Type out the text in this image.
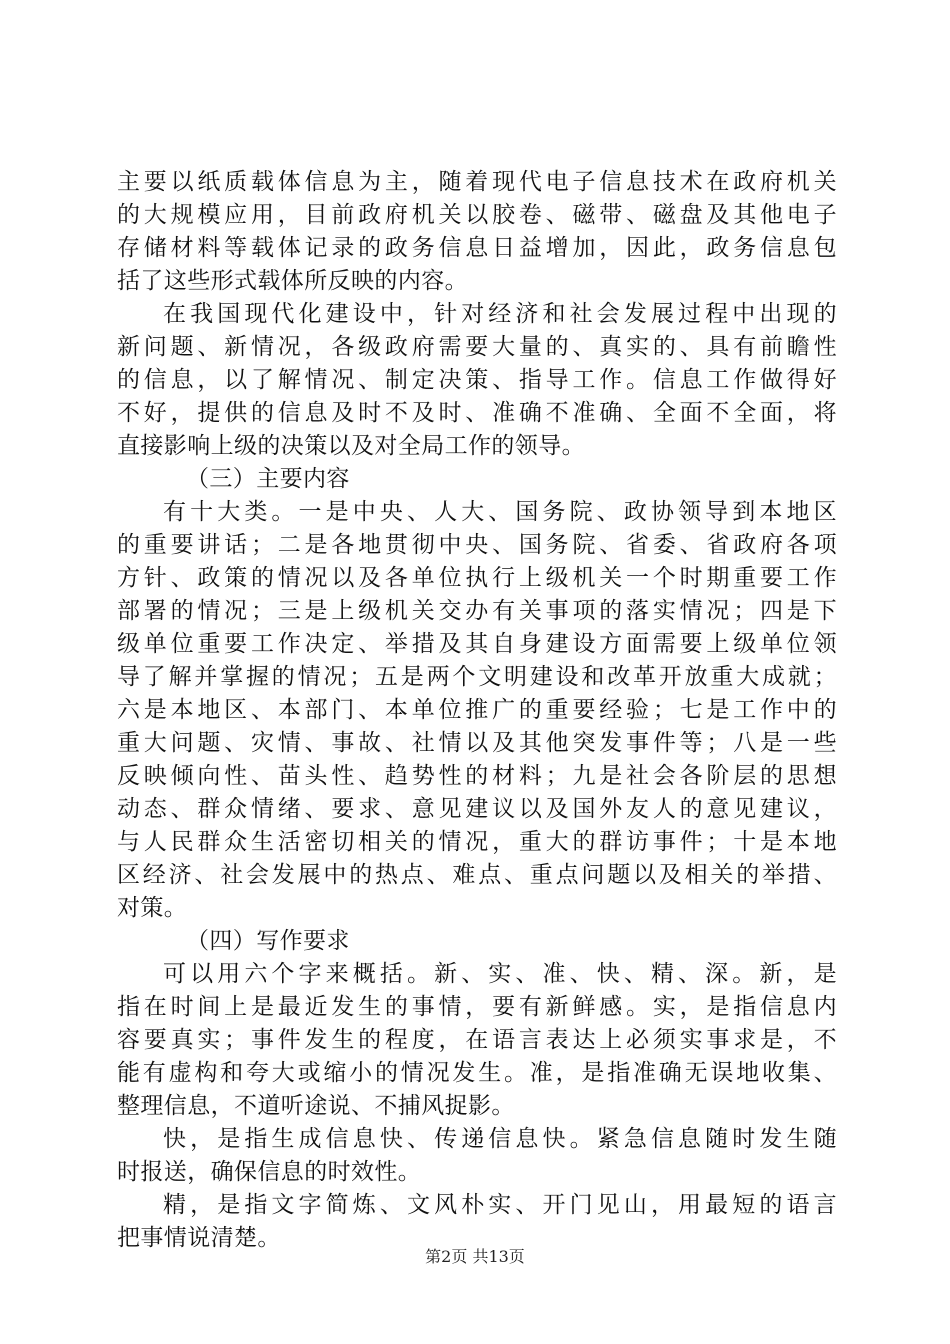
主要以纸质载体信息为主，随着现代电子信息技术在政府机关
的大规模应用，目前政府机关以胶卷、磁带、磁盘及其他电子
存储材料等载体记录的政务信息日益增加，因此，政务信息包
括了这些形式载体所反映的内容。
在我国现代化建设中，针对经济和社会发展过程中出现的
新问题、新情况，各级政府需要大量的、真实的、具有前瞻性
的信息，以了解情况、制定决策、指导工作。信息工作做得好
不好，提供的信息及时不及时、准确不准确、全面不全面，将
直接影响上级的决策以及对全局工作的领导。
（三）主要内容
有十大类。一是中央、人大、国务院、政协领导到本地区
的重要讲话；二是各地贯彻中央、国务院、省委、省政府各项
方针、政策的情况以及各单位执行上级机关一个时期重要工作
部署的情况；三是上级机关交办有关事项的落实情况；四是下
级单位重要工作决定、举措及其自身建设方面需要上级单位领
导了解并掌握的情况；五是两个文明建设和改革开放重大成就；
六是本地区、本部门、本单位推广的重要经验；七是工作中的
重大问题、灾情、事故、社情以及其他突发事件等；八是一些
反映倾向性、苗头性、趋势性的材料；九是社会各阶层的思想
动态、群众情绪、要求、意见建议以及国外友人的意见建议，
与人民群众生活密切相关的情况，重大的群访事件；十是本地
区经济、社会发展中的热点、难点、重点问题以及相关的举措、
对策。
（四）写作要求
可以用六个字来概括。新、实、准、快、精、深。新，是
指在时间上是最近发生的事情，要有新鲜感。实，是指信息内
容要真实；事件发生的程度，在语言表达上必须实事求是，不
能有虚构和夸大或缩小的情况发生。准，是指准确无误地收集、
整理信息，不道听途说、不捕风捉影。
快，是指生成信息快、传递信息快。紧急信息随时发生随
时报送，确保信息的时效性。
精，是指文字简炼、文风朴实、开门见山，用最短的语言
把事情说清楚。
第2页 共13页
